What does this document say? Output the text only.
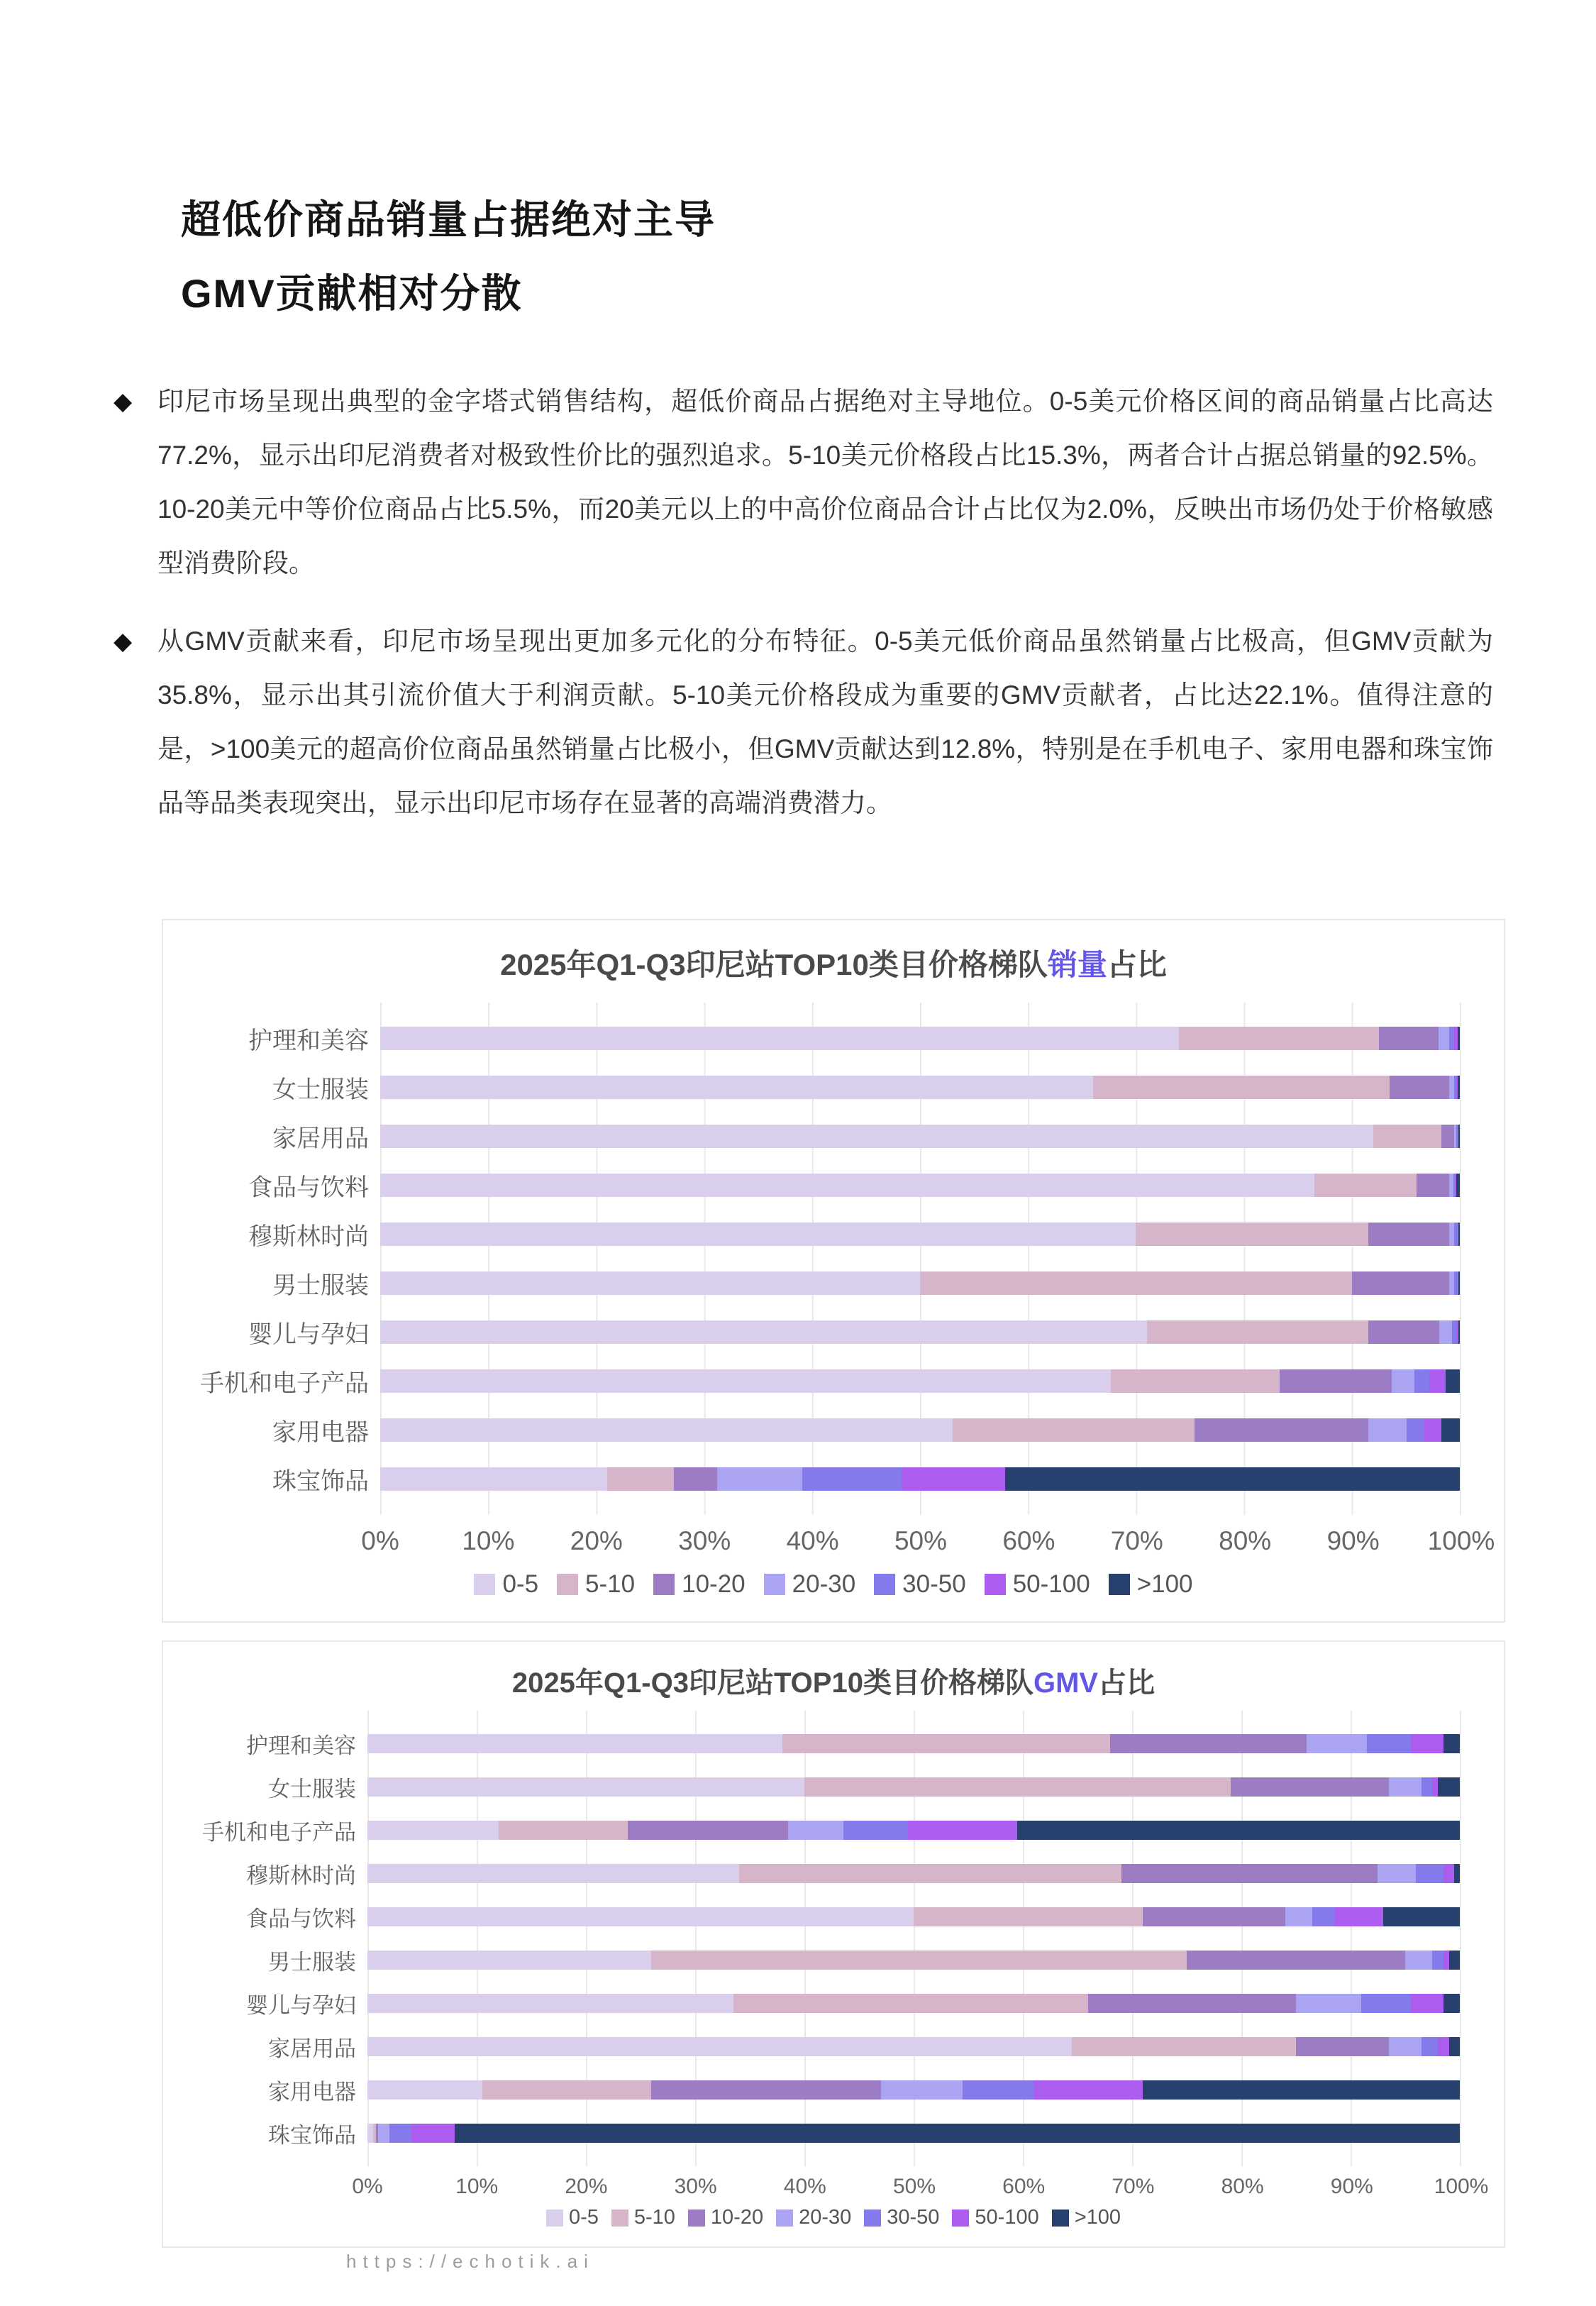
超低价商品销量占据绝对主导
GMV贡献相对分散
◆ 印尼市场呈现出典型的金字塔式销售结构，超低价商品占据绝对主导地位。0-5美元价格区间的商品销量占比高达77.2%，显示出印尼消费者对极致性价比的强烈追求。5-10美元价格段占比15.3%，两者合计占据总销量的92.5%。10-20美元中等价位商品占比5.5%，而20美元以上的中高价位商品合计占比仅为2.0%，反映出市场仍处于价格敏感型消费阶段。

◆ 从GMV贡献来看，印尼市场呈现出更加多元化的分布特征。0-5美元低价商品虽然销量占比极高，但GMV贡献为35.8%，显示出其引流价值大于利润贡献。5-10美元价格段成为重要的GMV贡献者，占比达22.1%。值得注意的是，>100美元的超高价位商品虽然销量占比极小，但GMV贡献达到12.8%，特别是在手机电子、家用电器和珠宝饰品等品类表现突出，显示出印尼市场存在显著的高端消费潜力。

2025年Q1-Q3印尼站TOP10类目价格梯队销量占比
护理和美容
女士服装
家居用品
食品与饮料
穆斯林时尚
男士服装
婴儿与孕妇
手机和电子产品
家用电器
珠宝饰品
0% 10% 20% 30% 40% 50% 60% 70% 80% 90% 100%
0-5 5-10 10-20 20-30 30-50 50-100 >100
2025年Q1-Q3印尼站TOP10类目价格梯队GMV占比
护理和美容
女士服装
手机和电子产品
穆斯林时尚
食品与饮料
男士服装
婴儿与孕妇
家居用品
家用电器
珠宝饰品
0%	10%	20%	30%	40%	50%	60%	70%	80%	90%	100%
0-5 5-10 10-20 20-30 30-50 50-100 >100
https://echotik.ai
